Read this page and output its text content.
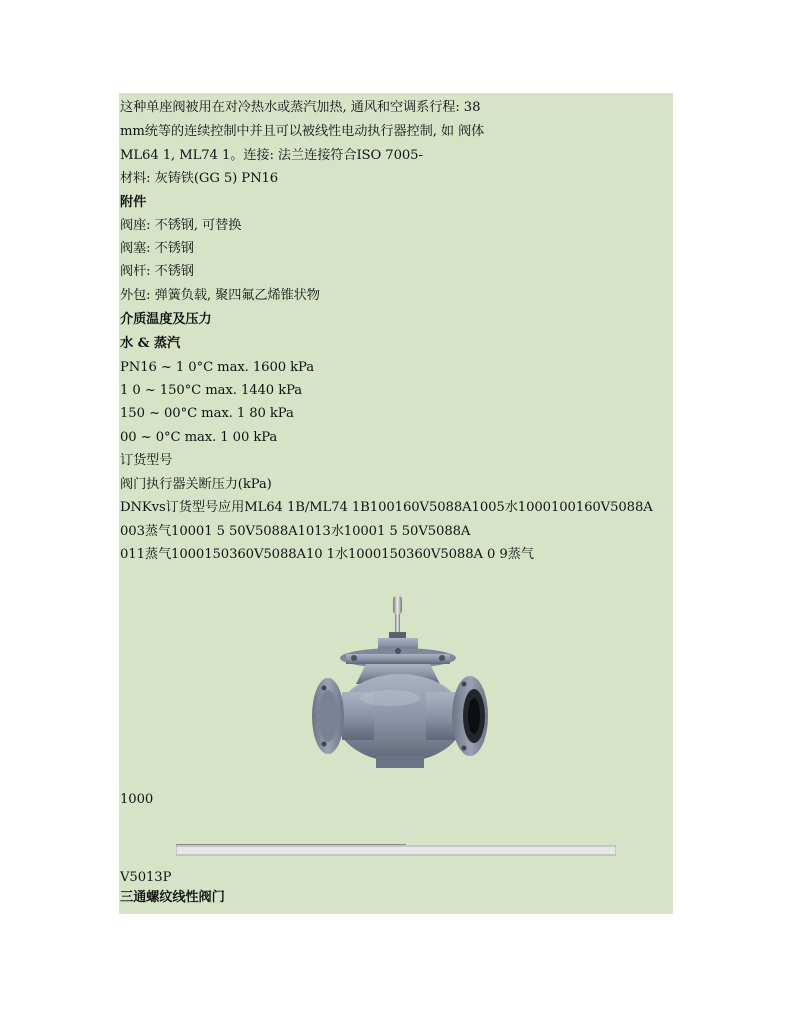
这种单座阀被用在对冷热水或蒸汽加热, 通风和空调系行程: 38
mm统等的连续控制中并且可以被线性电动执行器控制, 如 阀体
ML64 1, ML74 1。连接: 法兰连接符合ISO 7005-
材料: 灰铸铁(GG 5) PN16
附件
阀座: 不锈钢, 可替换
阀塞: 不锈钢
阀杆: 不锈钢
外包: 弹簧负载, 聚四氟乙烯锥状物
介质温度及压力
水 & 蒸汽
PN16 ~ 1 0°C max. 1600 kPa
1 0 ~ 150°C max. 1440 kPa
150 ~ 00°C max. 1 80 kPa
00 ~ 0°C max. 1 00 kPa
订货型号
阀门执行器关断压力(kPa)
DNKvs订货型号应用ML64 1B/ML74 1B100160V5088A1005水1000100160V5088A
003蒸气10001 5 50V5088A1013水10001 5 50V5088A
011蒸气1000150360V5088A10 1水1000150360V5088A 0 9蒸气
1000
V5013P
三通螺纹线性阀门
